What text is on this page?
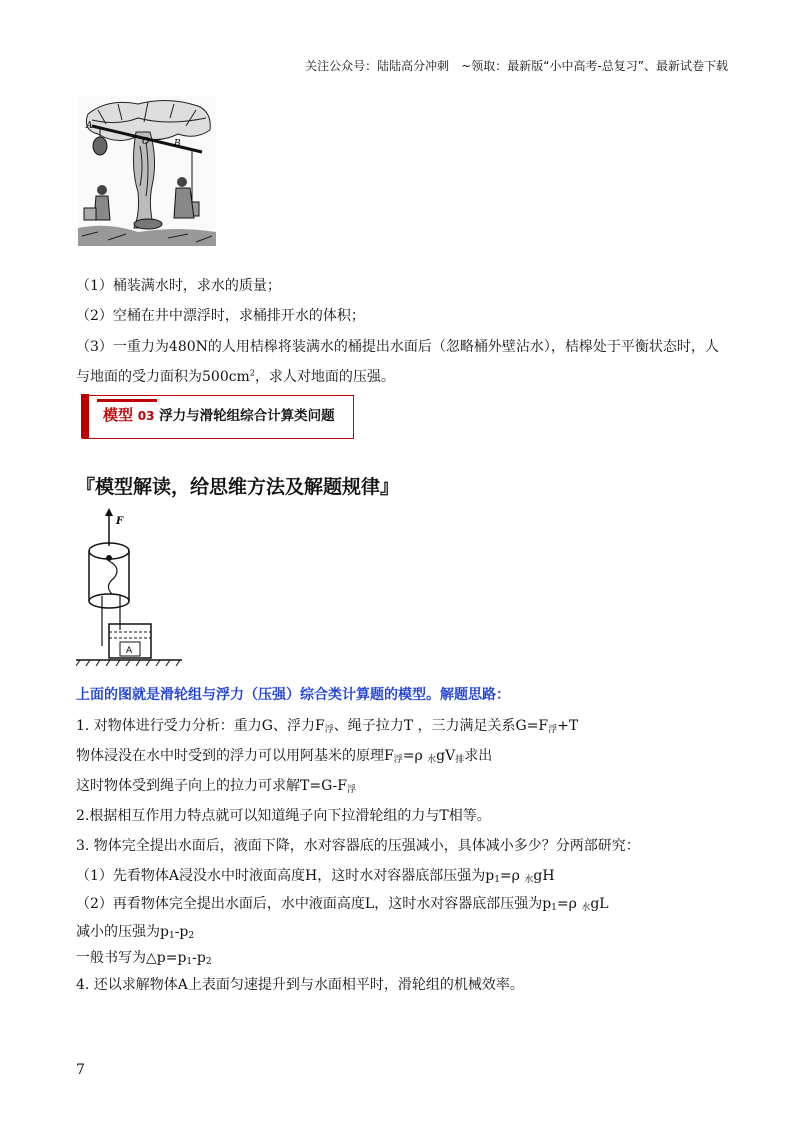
关注公众号：陆陆高分冲刺　~领取：最新版“小中高考-总复习”、最新试卷下载
A
O	B
（1）桶装满水时，求水的质量；
（2）空桶在井中漂浮时，求桶排开水的体积；
（3）一重力为480N的人用桔槔将装满水的桶提出水面后（忽略桶外壁沾水），桔槔处于平衡状态时，人
与地面的受力面积为$500cm^2$，求人对地面的压强。
模型 03 浮力与滑轮组综合计算类问题
『模型解读，给思维方法及解题规律』
F
A
上面的图就是滑轮组与浮力（压强）综合类计算题的模型。解题思路：
1. 对物体进行受力分析：重力G、浮力$F_浮$、绳子拉力T ，三力满足关系$G=F_浮+T$
物体浸没在水中时受到的浮力可以用阿基米的原理$F_浮=\rho$ $_水gV_排$求出
这时物体受到绳子向上的拉力可求解$T=G-F_浮$
2.根据相互作用力特点就可以知道绳子向下拉滑轮组的力与T相等。
3. 物体完全提出水面后，液面下降，水对容器底的压强减小，具体减小多少？分两部研究：
（1）先看物体A浸没水中时液面高度H，这时水对容器底部压强为$p_1=\rho$ $_水$gH
（2）再看物体完全提出水面后，水中液面高度L，这时水对容器底部压强为$p_1=\rho$ $_水$gL
减小的压强为$p_1-p_2$
一般书写为$\triangle p=p_1-p_2$
4. 还以求解物体A上表面匀速提升到与水面相平时，滑轮组的机械效率。
7
